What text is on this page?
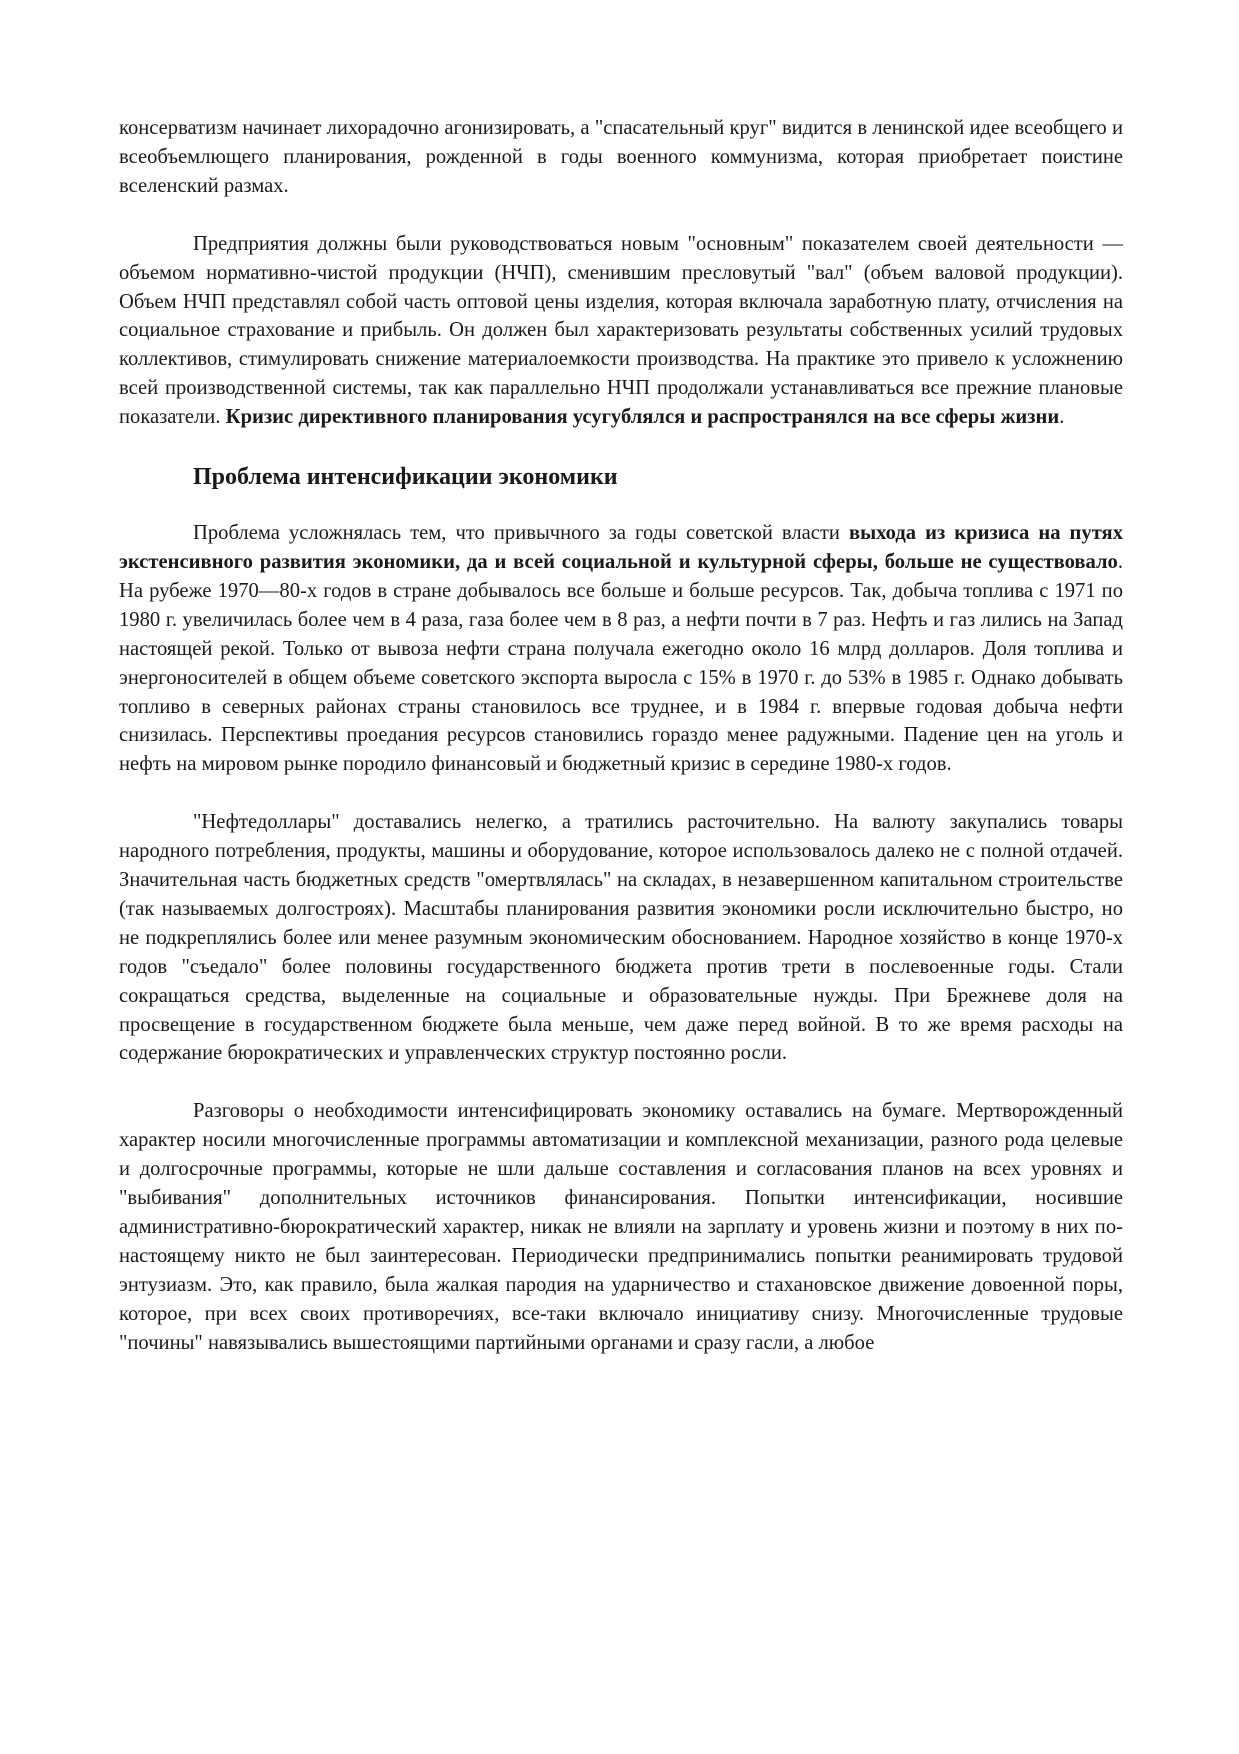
консерватизм начинает лихорадочно агонизировать, а "спасательный круг" видится в ленинской идее всеобщего и всеобъемлющего планирования, рожденной в годы военного коммунизма, которая приобретает поистине вселенский размах.

Предприятия должны были руководствоваться новым "основным" показателем своей деятельности — объемом нормативно-чистой продукции (НЧП), сменившим пресловутый "вал" (объем валовой продукции). Объем НЧП представлял собой часть оптовой цены изделия, которая включала заработную плату, отчисления на социальное страхование и прибыль. Он должен был характеризовать результаты собственных усилий трудовых коллективов, стимулировать снижение материалоемкости производства. На практике это привело к усложнению всей производственной системы, так как параллельно НЧП продолжали устанавливаться все прежние плановые показатели. Кризис директивного планирования усугублялся и распространялся на все сферы жизни.

Проблема интенсификации экономики

Проблема усложнялась тем, что привычного за годы советской власти выхода из кризиса на путях экстенсивного развития экономики, да и всей социальной и культурной сферы, больше не существовало. На рубеже 1970—80-х годов в стране добывалось все больше и больше ресурсов. Так, добыча топлива с 1971 по 1980 г. увеличилась более чем в 4 раза, газа более чем в 8 раз, а нефти почти в 7 раз. Нефть и газ лились на Запад настоящей рекой. Только от вывоза нефти страна получала ежегодно около 16 млрд долларов. Доля топлива и энергоносителей в общем объеме советского экспорта выросла с 15% в 1970 г. до 53% в 1985 г. Однако добывать топливо в северных районах страны становилось все труднее, и в 1984 г. впервые годовая добыча нефти снизилась. Перспективы проедания ресурсов становились гораздо менее радужными. Падение цен на уголь и нефть на мировом рынке породило финансовый и бюджетный кризис в середине 1980-х годов.

"Нефтедоллары" доставались нелегко, а тратились расточительно. На валюту закупались товары народного потребления, продукты, машины и оборудование, которое использовалось далеко не с полной отдачей. Значительная часть бюджетных средств "омертвлялась" на складах, в незавершенном капитальном строительстве (так называемых долгостроях). Масштабы планирования развития экономики росли исключительно быстро, но не подкреплялись более или менее разумным экономическим обоснованием. Народное хозяйство в конце 1970-х годов "съедало" более половины государственного бюджета против трети в послевоенные годы. Стали сокращаться средства, выделенные на социальные и образовательные нужды. При Брежневе доля на просвещение в государственном бюджете была меньше, чем даже перед войной. В то же время расходы на содержание бюрократических и управленческих структур постоянно росли.

Разговоры о необходимости интенсифицировать экономику оставались на бумаге. Мертворожденный характер носили многочисленные программы автоматизации и комплексной механизации, разного рода целевые и долгосрочные программы, которые не шли дальше составления и согласования планов на всех уровнях и "выбивания" дополнительных источников финансирования. Попытки интенсификации, носившие административно-бюрократический характер, никак не влияли на зарплату и уровень жизни и поэтому в них по-настоящему никто не был заинтересован. Периодически предпринимались попытки реанимировать трудовой энтузиазм. Это, как правило, была жалкая пародия на ударничество и стахановское движение довоенной поры, которое, при всех своих противоречиях, все-таки включало инициативу снизу. Многочисленные трудовые "почины" навязывались вышестоящими партийными органами и сразу гасли, а любое
